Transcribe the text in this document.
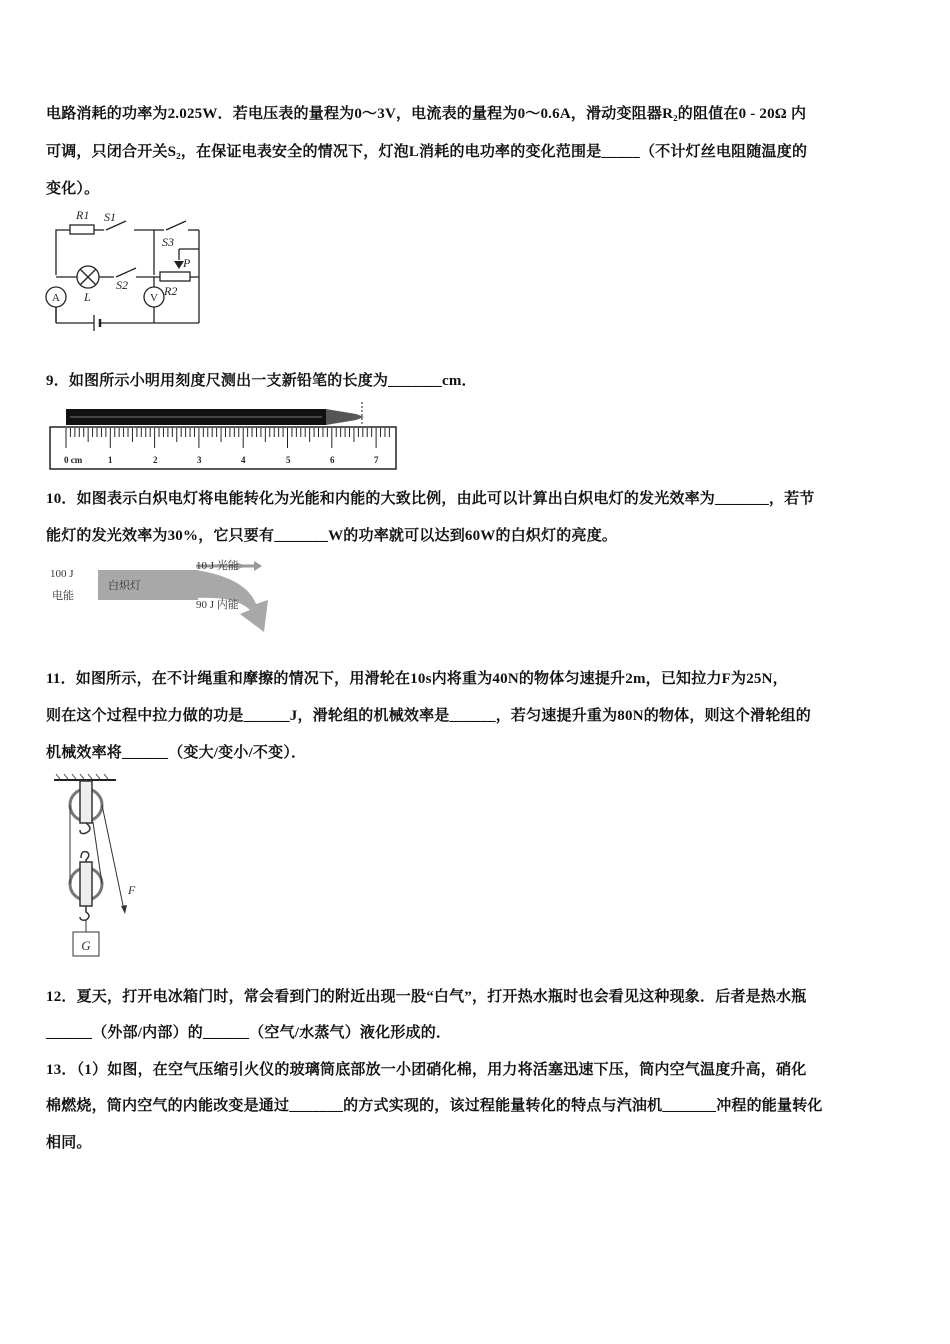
电路消耗的功率为2.025W．若电压表的量程为0～3V，电流表的量程为0～0.6A，滑动变阻器R₂的阻值在0 - 20Ω 内
可调，只闭合开关S₂，在保证电表安全的情况下，灯泡L消耗的电功率的变化范围是_____（不计灯丝电阻随温度的
变化）。
R1 S1
S3
P
L
S2	R2
A	V
9．如图所示小明用刻度尺测出一支新铅笔的长度为_______cm．
0 cm	1	2	3	4	5	6	7
10．如图表示白炽电灯将电能转化为光能和内能的大致比例，由此可以计算出白炽电灯的发光效率为_______，若节
能灯的发光效率为30%，它只要有_______W的功率就可以达到60W的白炽灯的亮度。
100 J
电能
白炽灯
10 J 光能
90 J 内能
11．如图所示，在不计绳重和摩擦的情况下，用滑轮在10s内将重为40N的物体匀速提升2m，已知拉力F为25N，
则在这个过程中拉力做的功是______J，滑轮组的机械效率是______，若匀速提升重为80N的物体，则这个滑轮组的
机械效率将______（变大/变小/不变）．
F
G
12．夏天，打开电冰箱门时，常会看到门的附近出现一股“白气”，打开热水瓶时也会看见这种现象．后者是热水瓶
______（外部/内部）的______（空气/水蒸气）液化形成的．
13．（1）如图，在空气压缩引火仪的玻璃筒底部放一小团硝化棉，用力将活塞迅速下压，筒内空气温度升高，硝化
棉燃烧，筒内空气的内能改变是通过_______的方式实现的，该过程能量转化的特点与汽油机_______冲程的能量转化
相同。
